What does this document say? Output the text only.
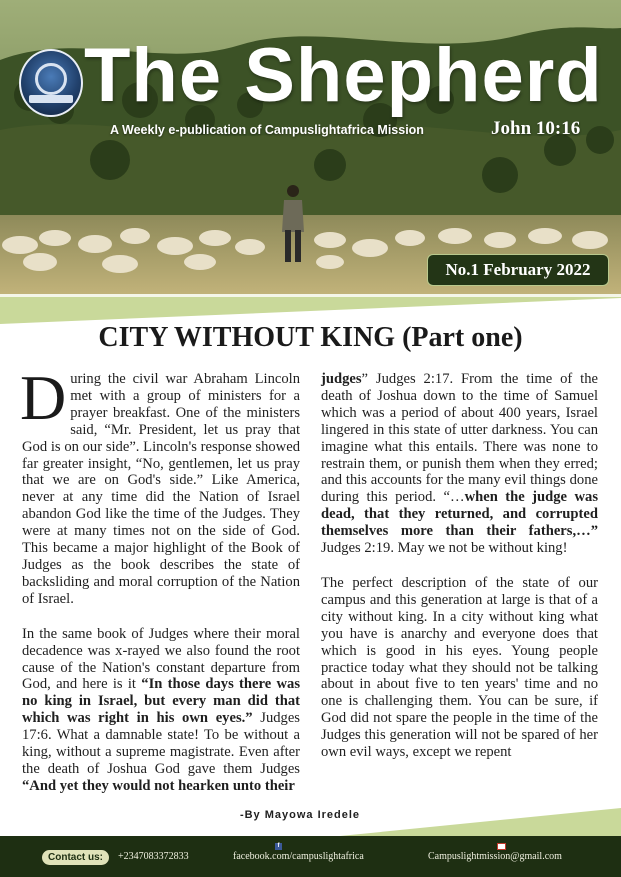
The Shepherd
A Weekly e-publication of Campuslightafrica Mission	John 10:16
No.1 February 2022
CITY WITHOUT KING (Part one)

During the civil war Abraham Lincoln met with a group of ministers for a prayer breakfast. One of the ministers said, “Mr. President, let us pray that God is on our side”. Lincoln's response showed far greater insight, “No, gentlemen, let us pray that we are on God's side.” Like America, never at any time did the Nation of Israel abandon God like the time of the Judges. They were at many times not on the side of God. This became a major highlight of the Book of Judges as the book describes the state of backsliding and moral corruption of the Nation of Israel.

In the same book of Judges where their moral decadence was x-rayed we also found the root cause of the Nation's constant departure from God, and here is it “In those days there was no king in Israel, but every man did that which was right in his own eyes.” Judges 17:6. What a damnable state! To be without a king, without a supreme magistrate. Even after the death of Joshua God gave them Judges “And yet they would not hearken unto their

judges” Judges 2:17. From the time of the death of Joshua down to the time of Samuel which was a period of about 400 years, Israel lingered in this state of utter darkness. You can imagine what this entails. There was none to restrain them, or punish them when they erred; and this accounts for the many evil things done during this period. “…when the judge was dead, that they returned, and corrupted themselves more than their fathers,…” Judges 2:19. May we not be without king!

The perfect description of the state of our campus and this generation at large is that of a city without king. In a city without king what you have is anarchy and everyone does that which is good in his eyes. Young people practice today what they should not be talking about in about five to ten years' time and no one is challenging them. You can be sure, if God did not spare the people in the time of the Judges this generation will not be spared of her own evil ways, except we repent

-By Mayowa Iredele
Contact us:	+2347083372833
f
facebook.com/campuslightafrica	Campuslightmission@gmail.com
